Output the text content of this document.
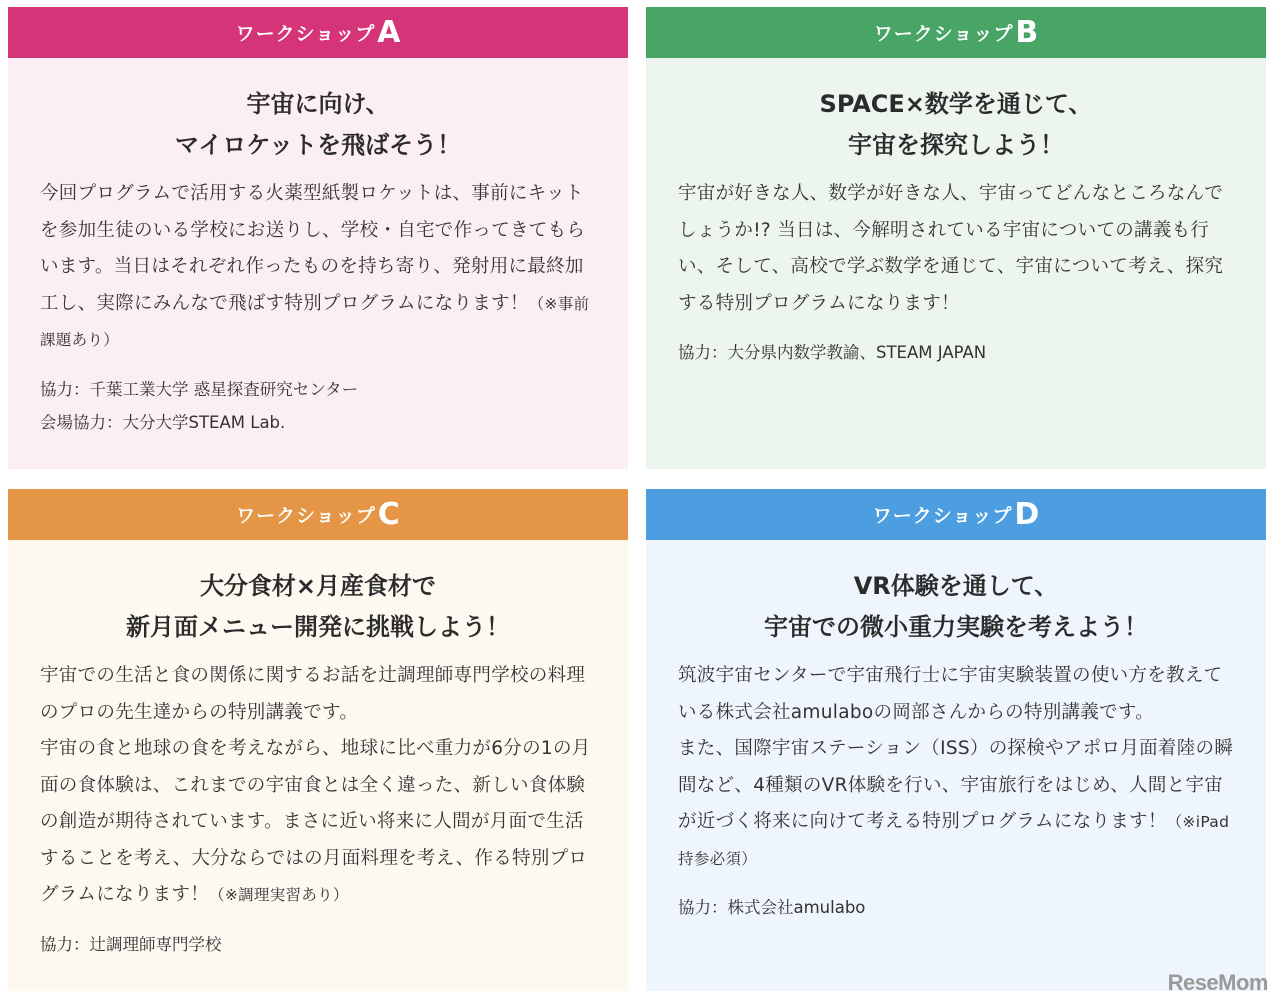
ワークショップ A
宇宙に向け、
マイロケットを飛ばそう！

今回プログラムで活用する火薬型紙製ロケットは、事前にキットを参加生徒のいる学校にお送りし、学校・自宅で作ってきてもらいます。当日はそれぞれ作ったものを持ち寄り、発射用に最終加工し、実際にみんなで飛ばす特別プログラムになります！（※事前課題あり）

協力：千葉工業大学 惑星探査研究センター
会場協力：大分大学STEAM Lab.
ワークショップ B
SPACE×数学を通じて、
宇宙を探究しよう！

宇宙が好きな人、数学が好きな人、宇宙ってどんなところなんでしょうか!? 当日は、今解明されている宇宙についての講義も行い、そして、高校で学ぶ数学を通じて、宇宙について考え、探究する特別プログラムになります！

協力：大分県内数学教諭、STEAM JAPAN
ワークショップ C
大分食材×月産食材で
新月面メニュー開発に挑戦しよう！

宇宙での生活と食の関係に関するお話を辻調理師専門学校の料理のプロの先生達からの特別講義です。

宇宙の食と地球の食を考えながら、地球に比べ重力が6分の1の月面の食体験は、これまでの宇宙食とは全く違った、新しい食体験の創造が期待されています。まさに近い将来に人間が月面で生活することを考え、大分ならではの月面料理を考え、作る特別プログラムになります！（※調理実習あり）

協力：辻調理師専門学校
ワークショップ D
VR体験を通して、
宇宙での微小重力実験を考えよう！

筑波宇宙センターで宇宙飛行士に宇宙実験装置の使い方を教えている株式会社amulaboの岡部さんからの特別講義です。

また、国際宇宙ステーション（ISS）の探検やアポロ月面着陸の瞬間など、4種類のVR体験を行い、宇宙旅行をはじめ、人間と宇宙が近づく将来に向けて考える特別プログラムになります！（※iPad持参必須）

協力：株式会社amulabo
ReseMom
